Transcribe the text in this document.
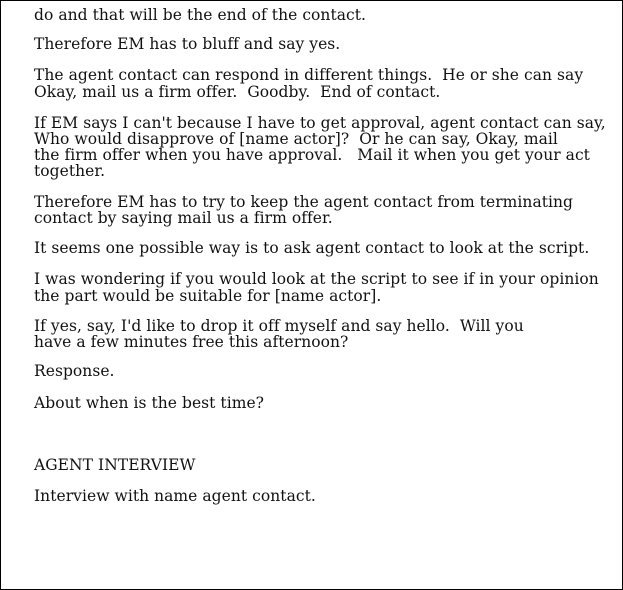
do and that will be the end of the contact.

Therefore EM has to bluff and say yes.

The agent contact can respond in different things.  He or she can say

Okay, mail us a firm offer.  Goodby.  End of contact.

If EM says I can't because I have to get approval, agent contact can say,

Who would disapprove of [name actor]?  Or he can say, Okay, mail

the firm offer when you have approval.   Mail it when you get your act

together.

Therefore EM has to try to keep the agent contact from terminating

contact by saying mail us a firm offer.

It seems one possible way is to ask agent contact to look at the script.

I was wondering if you would look at the script to see if in your opinion

the part would be suitable for [name actor].

If yes, say, I'd like to drop it off myself and say hello.  Will you

have a few minutes free this afternoon?

Response.

About when is the best time?

AGENT INTERVIEW

Interview with name agent contact.
